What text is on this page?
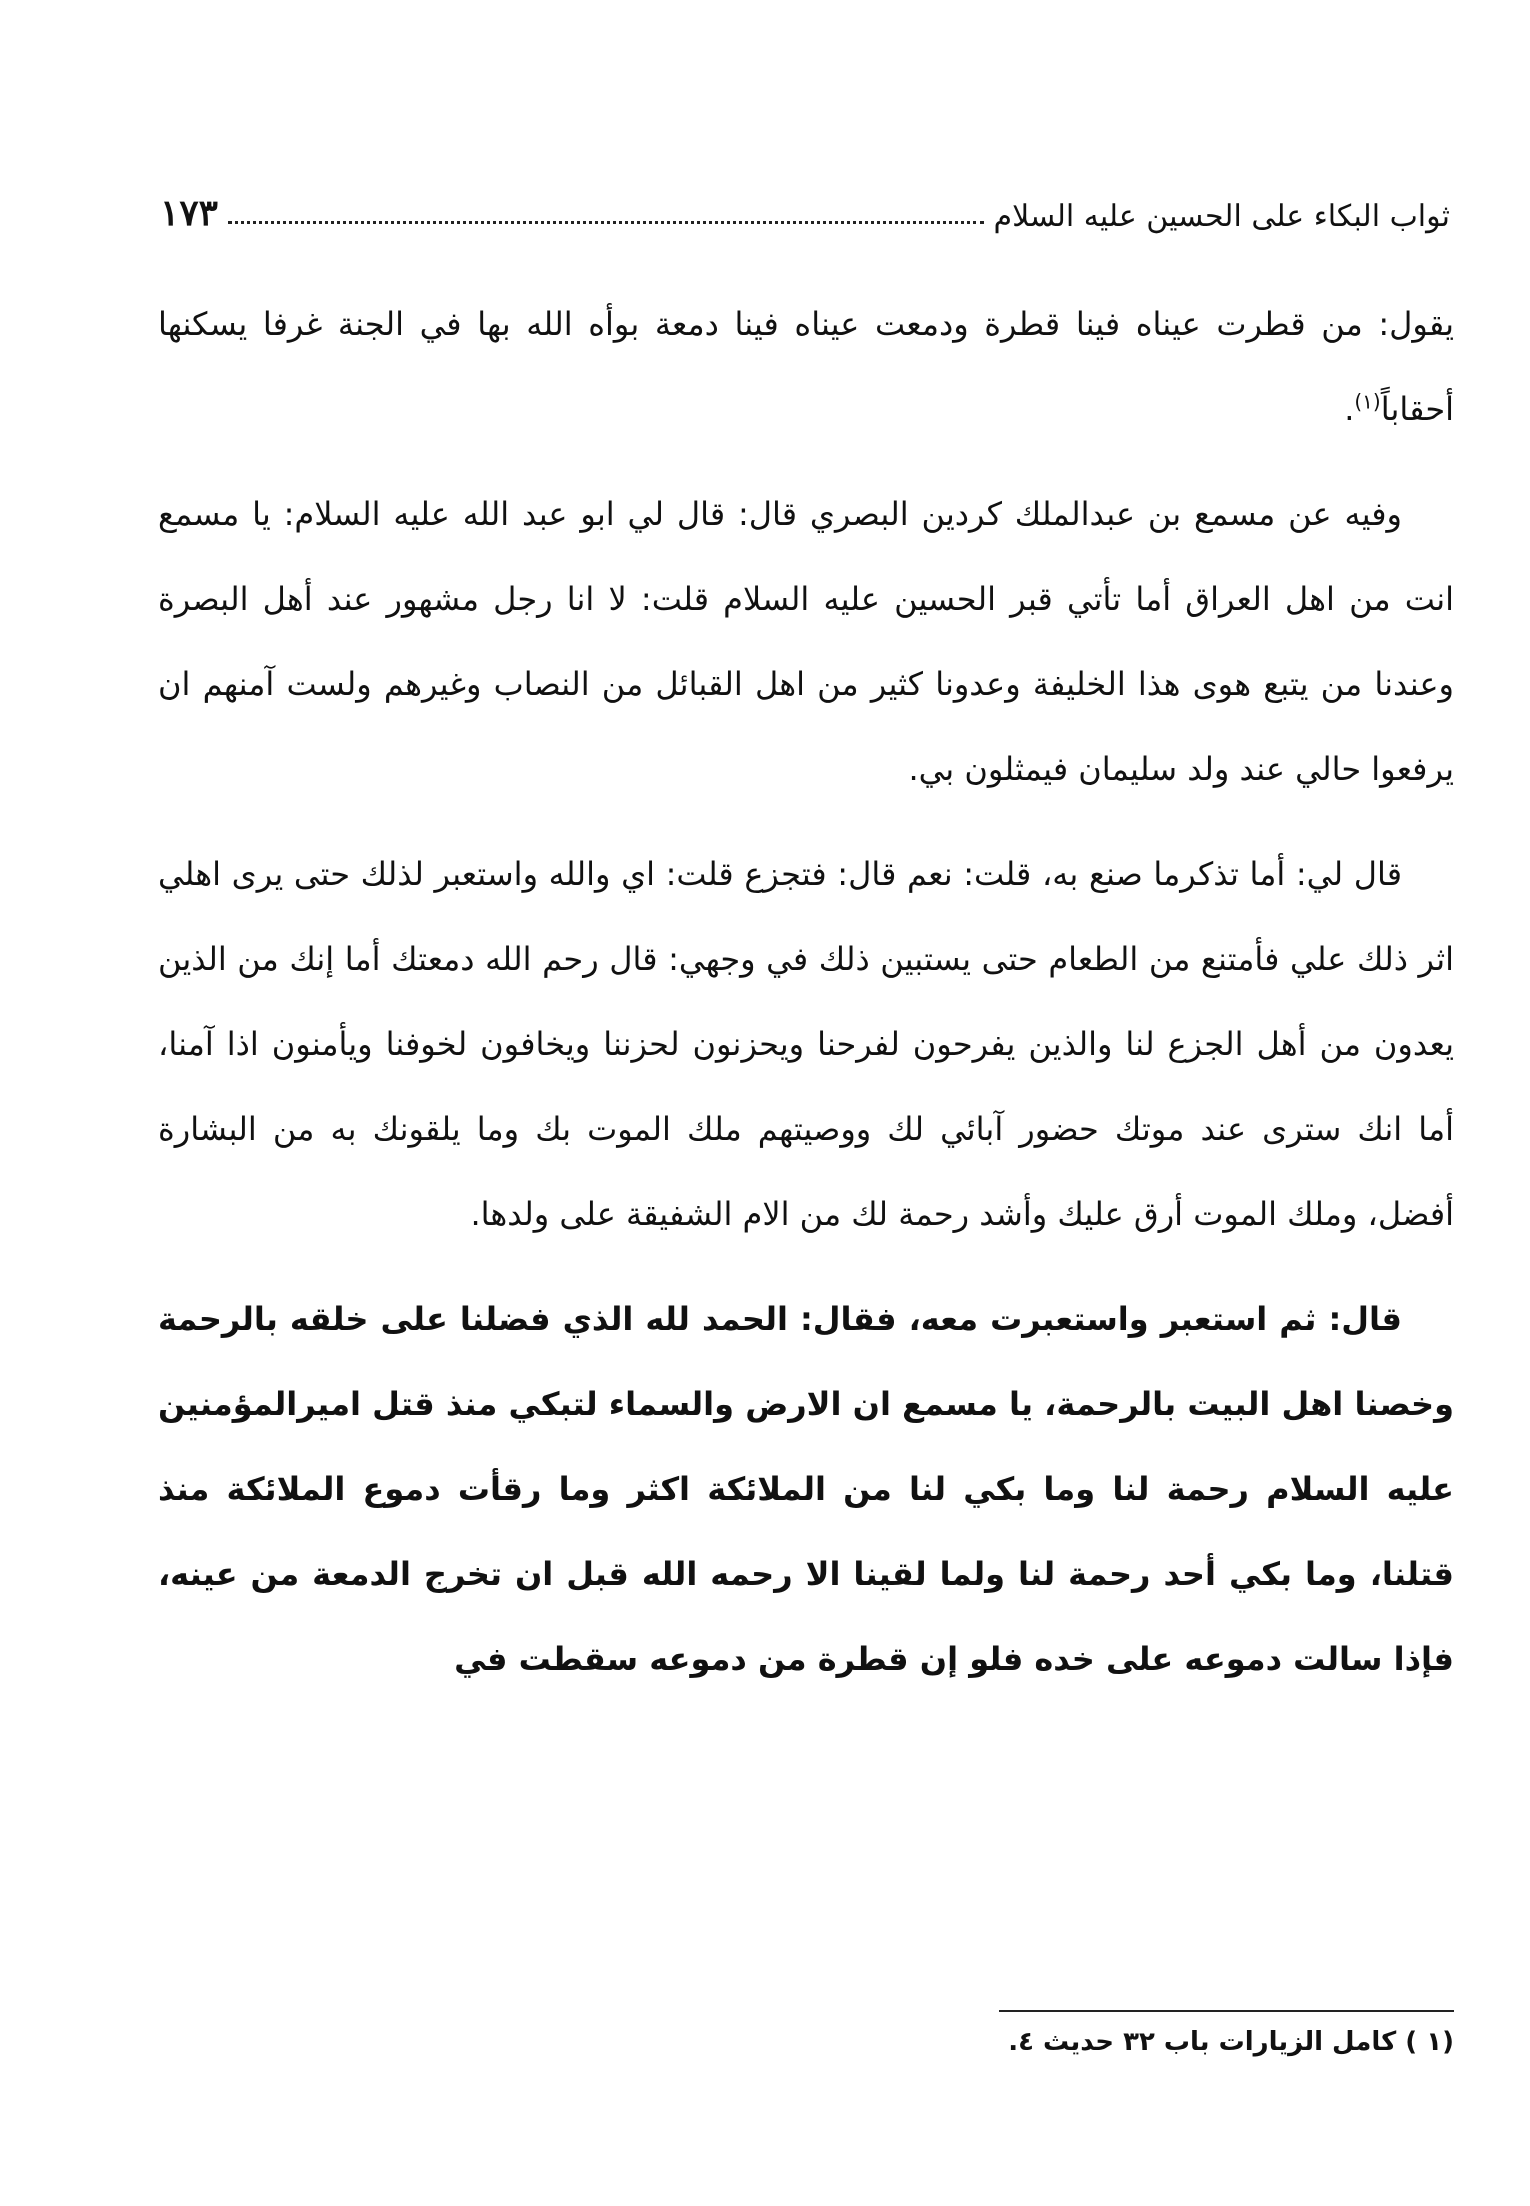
ثواب البكاء على الحسين عليه السلام
١٧٣

يقول: من قطرت عيناه فينا قطرة ودمعت عيناه فينا دمعة بوأه الله بها في الجنة غرفا يسكنها أحقاباً$^{(١)}$.

وفيه عن مسمع بن عبدالملك كردين البصري قال: قال لي ابو عبد الله عليه السلام: يا مسمع انت من اهل العراق أما تأتي قبر الحسين عليه السلام قلت: لا انا رجل مشهور عند أهل البصرة وعندنا من يتبع هوى هذا الخليفة وعدونا كثير من اهل القبائل من النصاب وغيرهم ولست آمنهم ان يرفعوا حالي عند ولد سليمان فيمثلون بي.

قال لي: أما تذكرما صنع به، قلت: نعم قال: فتجزع قلت: اي والله واستعبر لذلك حتى يرى اهلي اثر ذلك علي فأمتنع من الطعام حتى يستبين ذلك في وجهي: قال رحم الله دمعتك أما إنك من الذين يعدون من أهل الجزع لنا والذين يفرحون لفرحنا ويحزنون لحزننا ويخافون لخوفنا ويأمنون اذا آمنا، أما انك سترى عند موتك حضور آبائي لك ووصيتهم ملك الموت بك وما يلقونك به من البشارة أفضل، وملك الموت أرق عليك وأشد رحمة لك من الام الشفيقة على ولدها.

قال: ثم استعبر واستعبرت معه، فقال: الحمد لله الذي فضلنا على خلقه بالرحمة وخصنا اهل البيت بالرحمة، يا مسمع ان الارض والسماء لتبكي منذ قتل اميرالمؤمنين عليه السلام رحمة لنا وما بكي لنا من الملائكة اكثر وما رقأت دموع الملائكة منذ قتلنا، وما بكي أحد رحمة لنا ولما لقينا الا رحمه الله قبل ان تخرج الدمعة من عينه، فإذا سالت دموعه على خده فلو إن قطرة من دموعه سقطت في

(١ ) كامل الزيارات باب ٣٢ حديث ٤.
